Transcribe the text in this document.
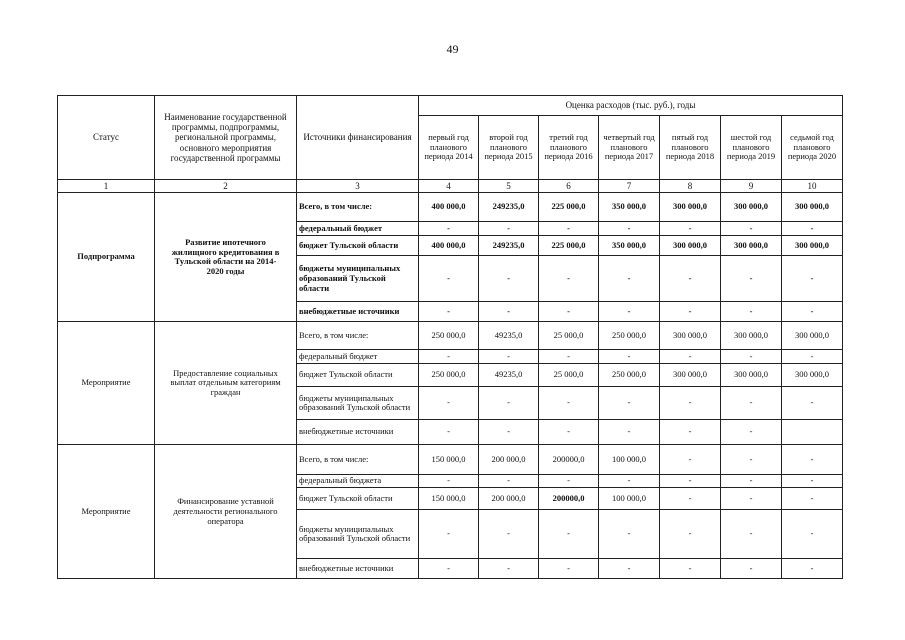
49
Статус	Наименование государственной программы, подпрограммы, региональной программы, основного мероприятия государственной программы	Источники финансирования	Оценка расходов (тыс. руб.), годы						
			первый год планового периода 2014	второй год планового периода 2015	третий год планового периода 2016	четвертый год планового периода 2017	пятый год планового периода 2018	шестой год планового периода 2019	седьмой год планового периода 2020
1	2	3	4	5	6	7	8	9	10
Подпрограмма	Развитие ипотечного жилищного кредитования в Тульской области на 2014-2020 годы	Всего, в том числе:	400 000,0	249235,0	225 000,0	350 000,0	300 000,0	300 000,0	300 000,0
		федеральный бюджет	-	-	-	-	-	-	-
		бюджет Тульской области	400 000,0	249235,0	225 000,0	350 000,0	300 000,0	300 000,0	300 000,0
		бюджеты муниципальных образований Тульской области	-	-	-	-	-	-	-
		внебюджетные источники	-	-	-	-	-	-	-
Мероприятие	Предоставление социальных выплат отдельным категориям граждан	Всего, в том числе:	250 000,0	49235,0	25 000,0	250 000,0	300 000,0	300 000,0	300 000,0
		федеральный бюджет	-	-	-	-	-	-	-
		бюджет Тульской области	250 000,0	49235,0	25 000,0	250 000,0	300 000,0	300 000,0	300 000,0
		бюджеты муниципальных образований Тульской области	-	-	-	-	-	-	-
		внебюджетные источники	-	-	-	-	-	-	
Мероприятие	Финансирование уставной деятельности регионального оператора	Всего, в том числе:	150 000,0	200 000,0	200000,0	100 000,0	-	-	-
		федеральный бюджета	-	-	-	-	-	-	-
		бюджет Тульской области	150 000,0	200 000,0	200000,0	100 000,0	-	-	-
		бюджеты муниципальных образований Тульской области	-	-	-	-	-	-	-
		внебюджетные источники	-	-	-	-	-	-	-
